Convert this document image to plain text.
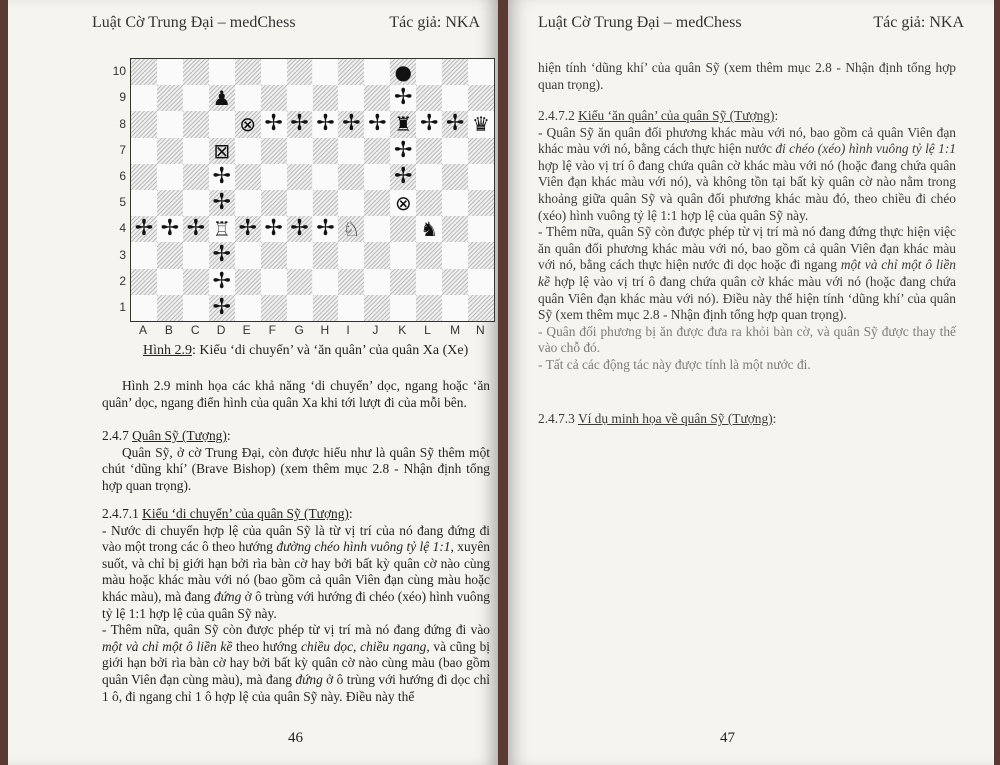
Luật Cờ Trung Đại – medChess	Tác giả: NKA
10
9
8
7
6
5
4
3
2
1
●
♟	✢
⊗ ✢ ✢ ✢ ✢ ✢ ♜ ✢ ✢ ♛
⊠	✢
✢	✢
✢	⊗
✢ ✢ ✢ ♖ ✢ ✢ ✢ ✢ ♘	♞
✢
✢
✢
A B C D E F G H I J K L M N
Hình 2.9: Kiểu ‘di chuyển’ và ‘ăn quân’ của quân Xa (Xe)

Hình 2.9 minh họa các khả năng ‘di chuyển’ dọc, ngang hoặc ‘ăn quân’ dọc, ngang điển hình của quân Xa khi tới lượt đi của mỗi bên.

2.4.7 Quân Sỹ (Tượng):

Quân Sỹ, ở cờ Trung Đại, còn được hiểu như là quân Sỹ thêm một chút ‘dũng khí’ (Brave Bishop) (xem thêm mục 2.8 - Nhận định tổng hợp quan trọng).

2.4.7.1 Kiểu ‘di chuyển’ của quân Sỹ (Tượng):

- Nước di chuyển hợp lệ của quân Sỹ là từ vị trí của nó đang đứng đi vào một trong các ô theo hướng đường chéo hình vuông tỷ lệ 1:1, xuyên suốt, và chỉ bị giới hạn bởi rìa bàn cờ hay bởi bất kỳ quân cờ nào cùng màu hoặc khác màu với nó (bao gồm cả quân Viên đạn cùng màu hoặc khác màu), mà đang đứng ở ô trùng với hướng đi chéo (xéo) hình vuông tỷ lệ 1:1 hợp lệ của quân Sỹ này.

- Thêm nữa, quân Sỹ còn được phép từ vị trí mà nó đang đứng đi vào một và chỉ một ô liền kề theo hướng chiều dọc, chiều ngang, và cũng bị giới hạn bởi rìa bàn cờ hay bởi bất kỳ quân cờ nào cùng màu (bao gồm quân Viên đạn cùng màu), mà đang đứng ở ô trùng với hướng đi dọc chỉ 1 ô, đi ngang chỉ 1 ô hợp lệ của quân Sỹ này. Điều này thể

46
Luật Cờ Trung Đại – medChess	Tác giả: NKA

hiện tính ‘dũng khí’ của quân Sỹ (xem thêm mục 2.8 - Nhận định tổng hợp quan trọng).

2.4.7.2 Kiểu ‘ăn quân’ của quân Sỹ (Tượng):

- Quân Sỹ ăn quân đối phương khác màu với nó, bao gồm cả quân Viên đạn khác màu với nó, bằng cách thực hiện nước đi chéo (xéo) hình vuông tỷ lệ 1:1 hợp lệ vào vị trí ô đang chứa quân cờ khác màu với nó (hoặc đang chứa quân Viên đạn khác màu với nó), và không tồn tại bất kỳ quân cờ nào nằm trong khoảng giữa quân Sỹ và quân đối phương khác màu đó, theo chiều đi chéo (xéo) hình vuông tỷ lệ 1:1 hợp lệ của quân Sỹ này.

- Thêm nữa, quân Sỹ còn được phép từ vị trí mà nó đang đứng thực hiện việc ăn quân đối phương khác màu với nó, bao gồm cả quân Viên đạn khác màu với nó, bằng cách thực hiện nước đi dọc hoặc đi ngang một và chỉ một ô liền kề hợp lệ vào vị trí ô đang chứa quân cờ khác màu với nó (hoặc đang chứa quân Viên đạn khác màu với nó). Điều này thể hiện tính ‘dũng khí’ của quân Sỹ (xem thêm mục 2.8 - Nhận định tổng hợp quan trọng).

- Quân đối phương bị ăn được đưa ra khỏi bàn cờ, và quân Sỹ được thay thế vào chỗ đó.

- Tất cả các động tác này được tính là một nước đi.

2.4.7.3 Ví dụ minh họa về quân Sỹ (Tượng):

47
